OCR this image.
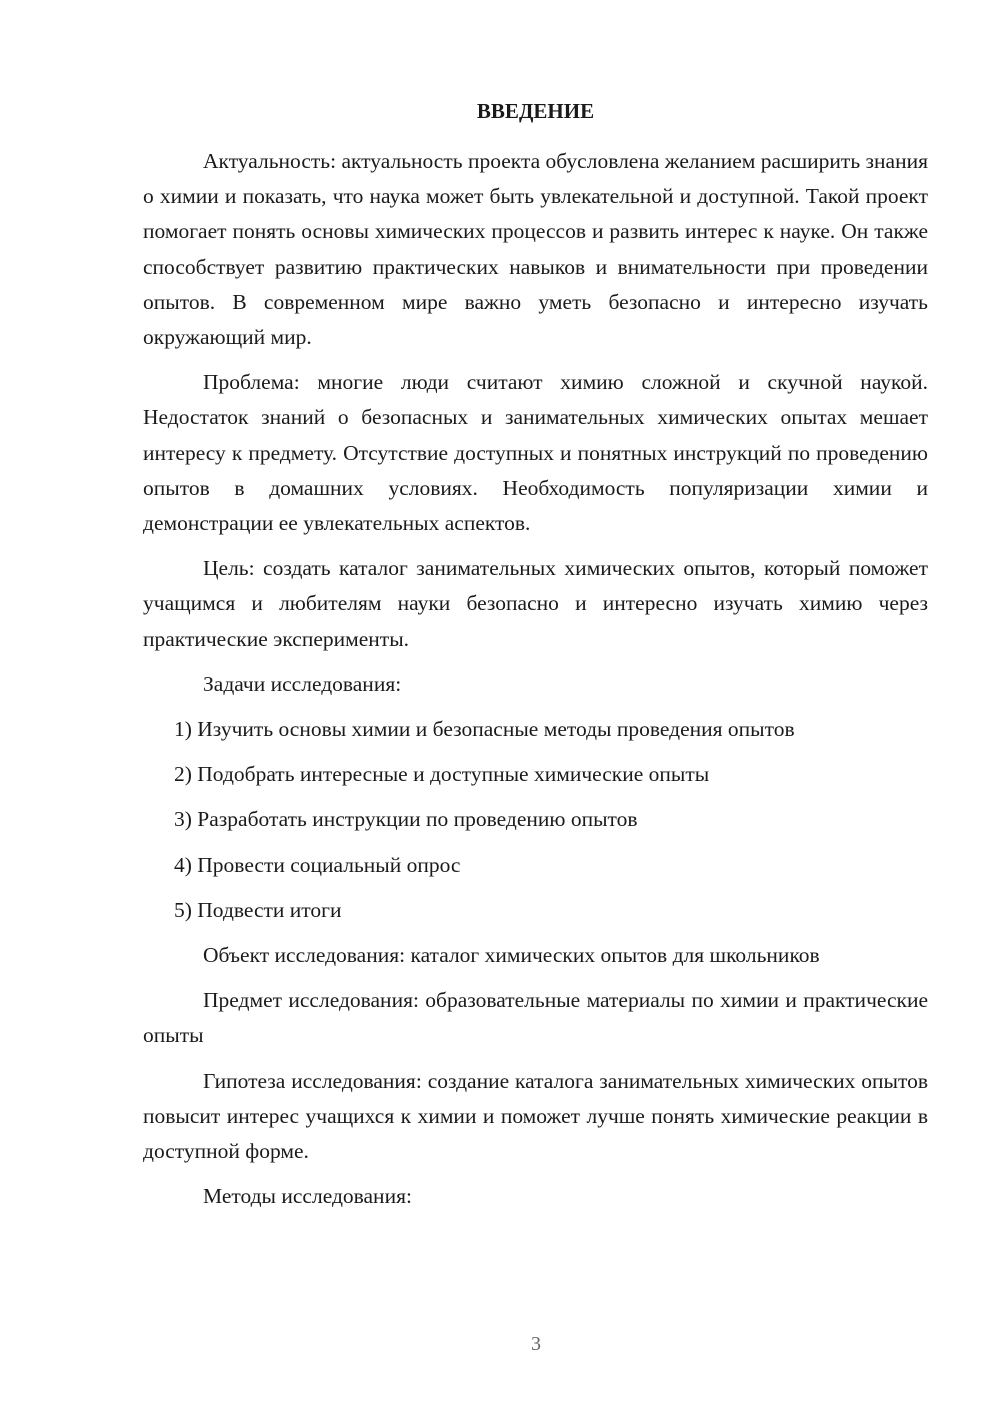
ВВЕДЕНИЕ

Актуальность: актуальность проекта обусловлена желанием расширить знания о химии и показать, что наука может быть увлекательной и доступной. Такой проект помогает понять основы химических процессов и развить интерес к науке. Он также способствует развитию практических навыков и внимательности при проведении опытов. В современном мире важно уметь безопасно и интересно изучать окружающий мир.

Проблема: многие люди считают химию сложной и скучной наукой. Недостаток знаний о безопасных и занимательных химических опытах мешает интересу к предмету. Отсутствие доступных и понятных инструкций по проведению опытов в домашних условиях. Необходимость популяризации химии и демонстрации ее увлекательных аспектов.

Цель: создать каталог занимательных химических опытов, который поможет учащимся и любителям науки безопасно и интересно изучать химию через практические эксперименты.

Задачи исследования:

1) Изучить основы химии и безопасные методы проведения опытов
2) Подобрать интересные и доступные химические опыты
3) Разработать инструкции по проведению опытов
4) Провести социальный опрос
5) Подвести итоги

Объект исследования: каталог химических опытов для школьников

Предмет исследования: образовательные материалы по химии и практические опыты

Гипотеза исследования: создание каталога занимательных химических опытов повысит интерес учащихся к химии и поможет лучше понять химические реакции в доступной форме.

Методы исследования:

3
